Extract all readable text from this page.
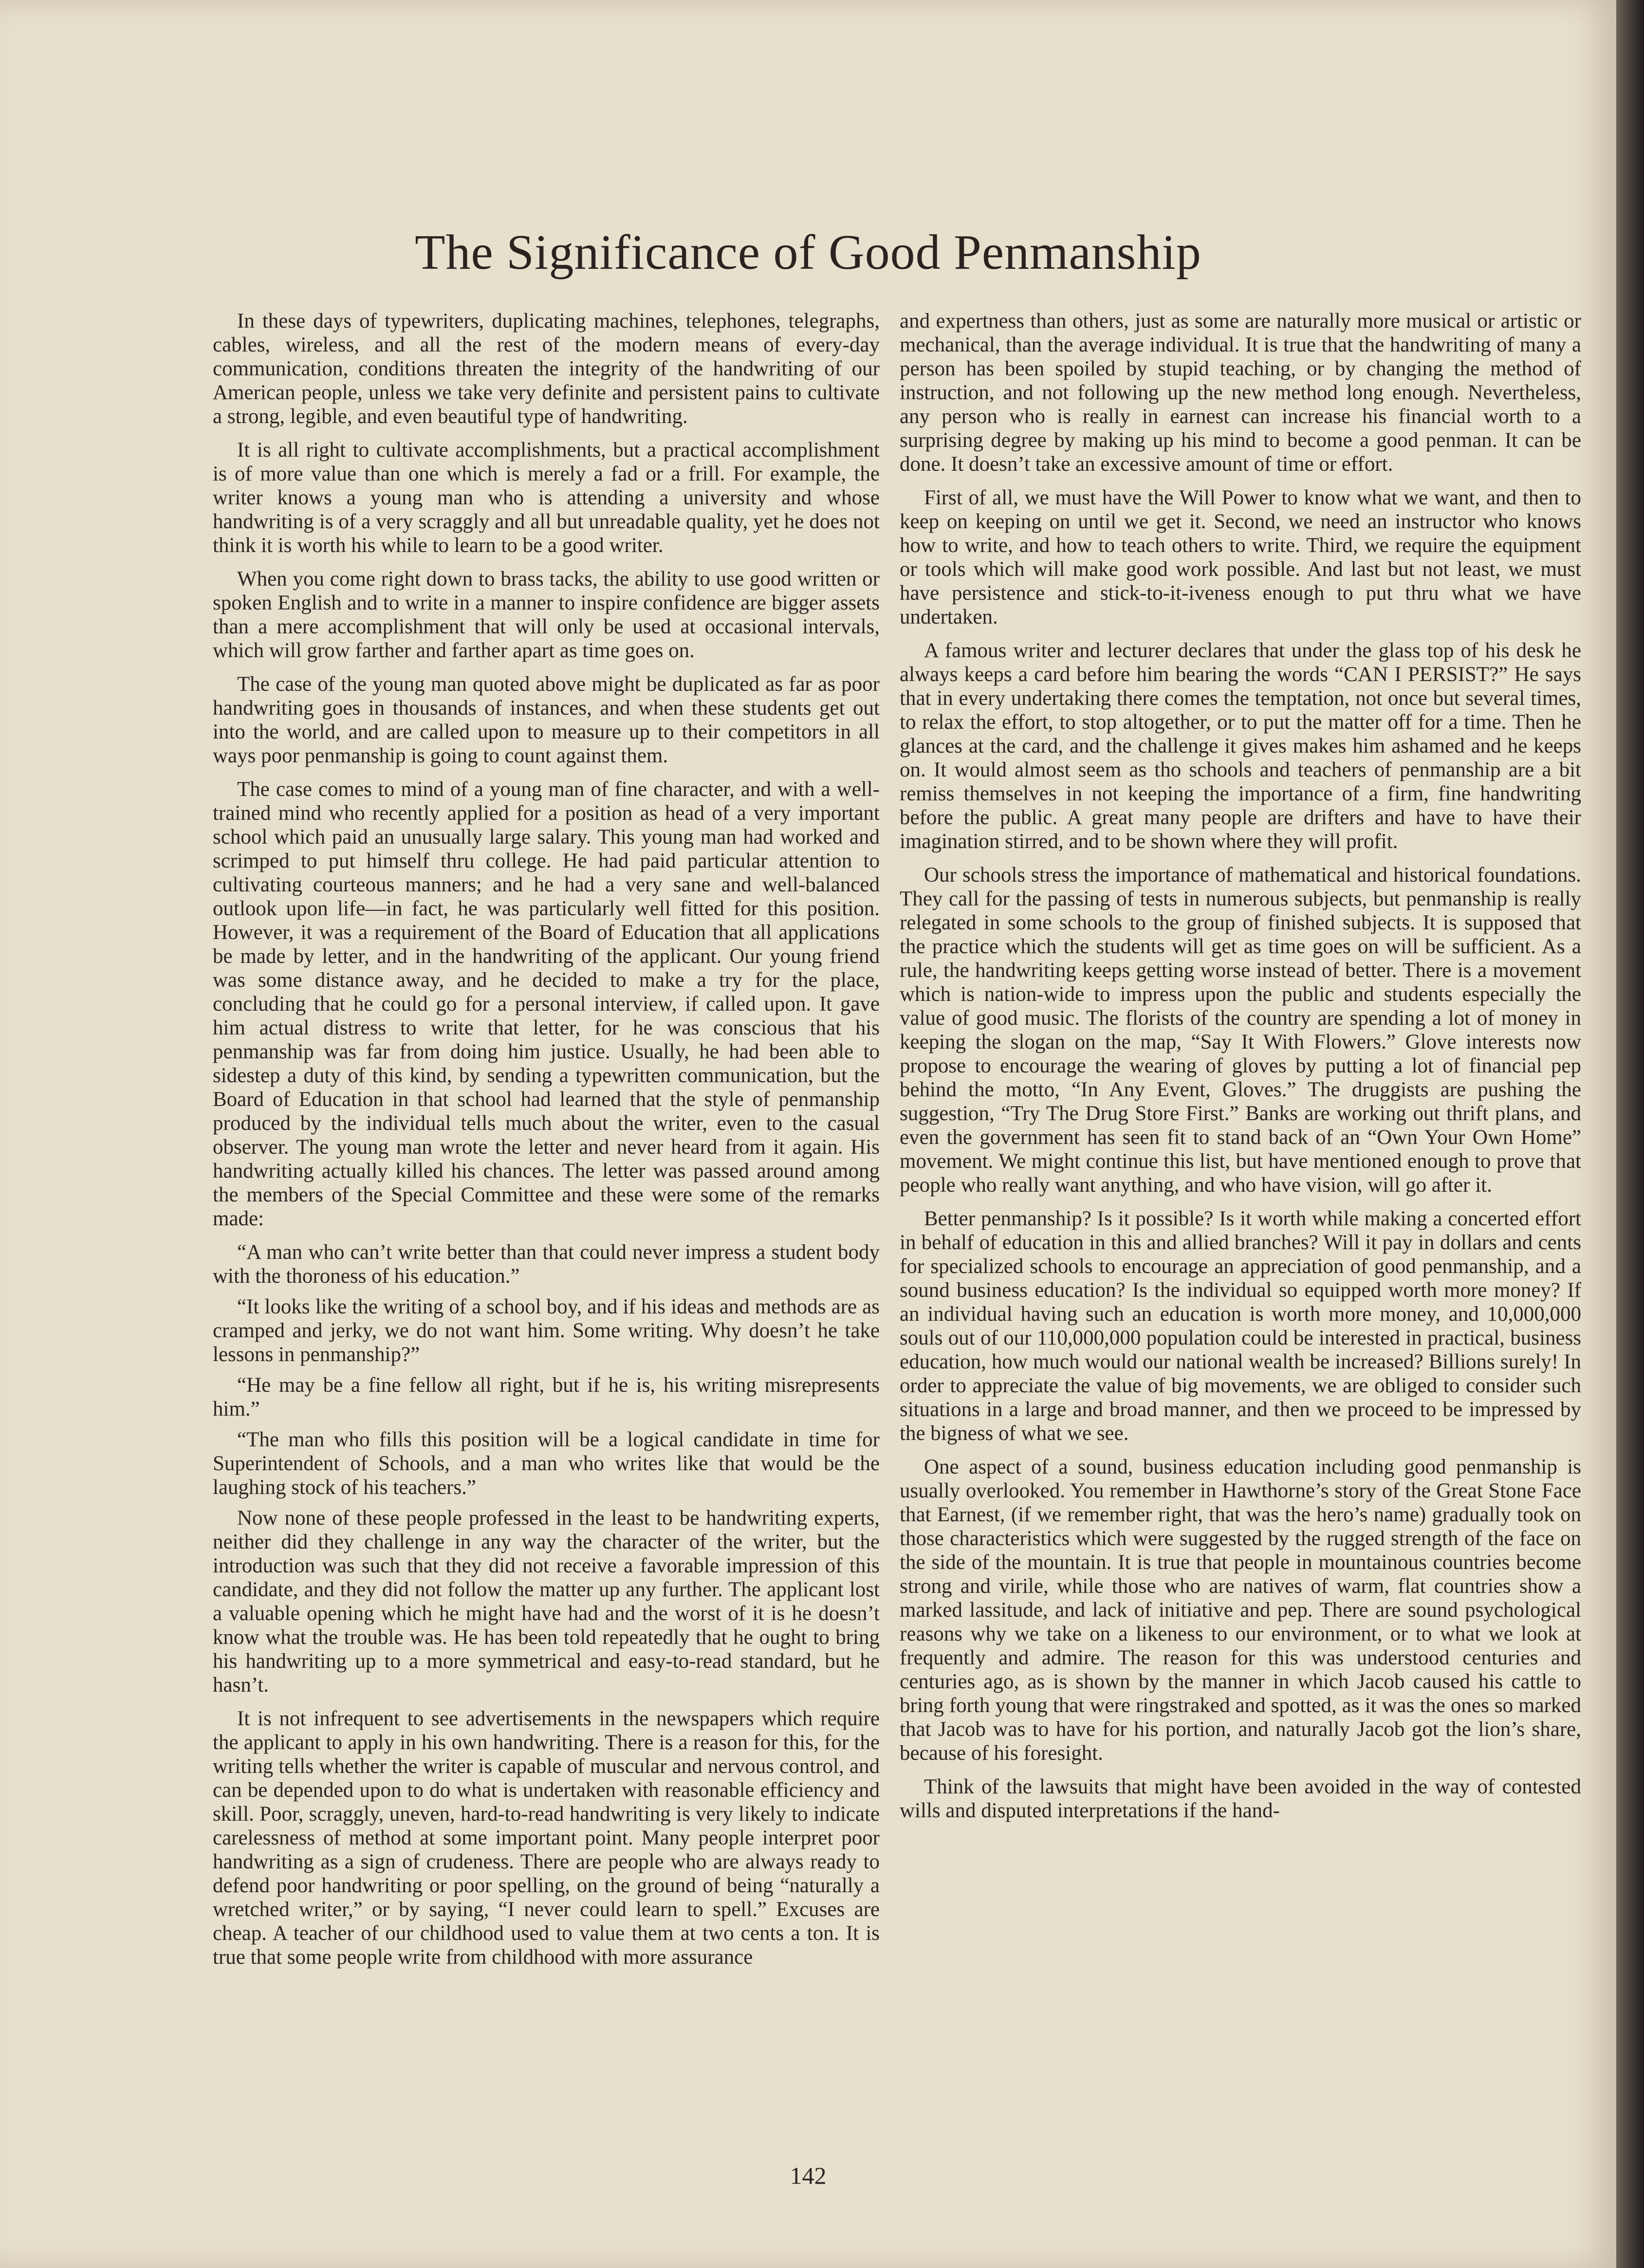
The Significance of Good Penmanship

In these days of typewriters, duplicating machines, telephones, telegraphs, cables, wireless, and all the rest of the modern means of every-day communication, conditions threaten the integrity of the handwriting of our American people, unless we take very definite and persistent pains to cultivate a strong, legible, and even beautiful type of handwriting.

It is all right to cultivate accomplishments, but a practical accomplishment is of more value than one which is merely a fad or a frill. For example, the writer knows a young man who is attending a university and whose handwriting is of a very scraggly and all but unreadable quality, yet he does not think it is worth his while to learn to be a good writer.

When you come right down to brass tacks, the ability to use good written or spoken English and to write in a manner to inspire confidence are bigger assets than a mere accomplishment that will only be used at occasional intervals, which will grow farther and farther apart as time goes on.

The case of the young man quoted above might be duplicated as far as poor handwriting goes in thousands of instances, and when these students get out into the world, and are called upon to measure up to their competitors in all ways poor penmanship is going to count against them.

The case comes to mind of a young man of fine character, and with a well-trained mind who recently applied for a position as head of a very important school which paid an unusually large salary. This young man had worked and scrimped to put himself thru college. He had paid particular attention to cultivating courteous manners; and he had a very sane and well-balanced outlook upon life—in fact, he was particularly well fitted for this position. However, it was a requirement of the Board of Education that all applications be made by letter, and in the handwriting of the applicant. Our young friend was some distance away, and he decided to make a try for the place, concluding that he could go for a personal interview, if called upon. It gave him actual distress to write that letter, for he was conscious that his penmanship was far from doing him justice. Usually, he had been able to sidestep a duty of this kind, by sending a typewritten communication, but the Board of Education in that school had learned that the style of penmanship produced by the individual tells much about the writer, even to the casual observer. The young man wrote the letter and never heard from it again. His handwriting actually killed his chances. The letter was passed around among the members of the Special Committee and these were some of the remarks made:

“A man who can’t write better than that could never impress a student body with the thoroness of his education.”

“It looks like the writing of a school boy, and if his ideas and methods are as cramped and jerky, we do not want him. Some writing. Why doesn’t he take lessons in penmanship?”

“He may be a fine fellow all right, but if he is, his writing misrepresents him.”

“The man who fills this position will be a logical candidate in time for Superintendent of Schools, and a man who writes like that would be the laughing stock of his teachers.”

Now none of these people professed in the least to be handwriting experts, neither did they challenge in any way the character of the writer, but the introduction was such that they did not receive a favorable impression of this candidate, and they did not follow the matter up any further. The applicant lost a valuable opening which he might have had and the worst of it is he doesn’t know what the trouble was. He has been told repeatedly that he ought to bring his handwriting up to a more symmetrical and easy-to-read standard, but he hasn’t.

It is not infrequent to see advertisements in the newspapers which require the applicant to apply in his own handwriting. There is a reason for this, for the writing tells whether the writer is capable of muscular and nervous control, and can be depended upon to do what is undertaken with reasonable efficiency and skill. Poor, scraggly, uneven, hard-to-read handwriting is very likely to indicate carelessness of method at some important point. Many people interpret poor handwriting as a sign of crudeness. There are people who are always ready to defend poor handwriting or poor spelling, on the ground of being “naturally a wretched writer,” or by saying, “I never could learn to spell.” Excuses are cheap. A teacher of our childhood used to value them at two cents a ton. It is true that some people write from childhood with more assurance

and expertness than others, just as some are naturally more musical or artistic or mechanical, than the average individual. It is true that the handwriting of many a person has been spoiled by stupid teaching, or by changing the method of instruction, and not following up the new method long enough. Nevertheless, any person who is really in earnest can increase his financial worth to a surprising degree by making up his mind to become a good penman. It can be done. It doesn’t take an excessive amount of time or effort.

First of all, we must have the Will Power to know what we want, and then to keep on keeping on until we get it. Second, we need an instructor who knows how to write, and how to teach others to write. Third, we require the equipment or tools which will make good work possible. And last but not least, we must have persistence and stick-to-it-iveness enough to put thru what we have undertaken.

A famous writer and lecturer declares that under the glass top of his desk he always keeps a card before him bearing the words “CAN I PERSIST?” He says that in every undertaking there comes the temptation, not once but several times, to relax the effort, to stop altogether, or to put the matter off for a time. Then he glances at the card, and the challenge it gives makes him ashamed and he keeps on. It would almost seem as tho schools and teachers of penmanship are a bit remiss themselves in not keeping the importance of a firm, fine handwriting before the public. A great many people are drifters and have to have their imagination stirred, and to be shown where they will profit.

Our schools stress the importance of mathematical and historical foundations. They call for the passing of tests in numerous subjects, but penmanship is really relegated in some schools to the group of finished subjects. It is supposed that the practice which the students will get as time goes on will be sufficient. As a rule, the handwriting keeps getting worse instead of better. There is a movement which is nation-wide to impress upon the public and students especially the value of good music. The florists of the country are spending a lot of money in keeping the slogan on the map, “Say It With Flowers.” Glove interests now propose to encourage the wearing of gloves by putting a lot of financial pep behind the motto, “In Any Event, Gloves.” The druggists are pushing the suggestion, “Try The Drug Store First.” Banks are working out thrift plans, and even the government has seen fit to stand back of an “Own Your Own Home” movement. We might continue this list, but have mentioned enough to prove that people who really want anything, and who have vision, will go after it.

Better penmanship? Is it possible? Is it worth while making a concerted effort in behalf of education in this and allied branches? Will it pay in dollars and cents for specialized schools to encourage an appreciation of good penmanship, and a sound business education? Is the individual so equipped worth more money? If an individual having such an education is worth more money, and 10,000,000 souls out of our 110,000,000 population could be interested in practical, business education, how much would our national wealth be increased? Billions surely! In order to appreciate the value of big movements, we are obliged to consider such situations in a large and broad manner, and then we proceed to be impressed by the bigness of what we see.

One aspect of a sound, business education including good penmanship is usually overlooked. You remember in Hawthorne’s story of the Great Stone Face that Earnest, (if we remember right, that was the hero’s name) gradually took on those characteristics which were suggested by the rugged strength of the face on the side of the mountain. It is true that people in mountainous countries become strong and virile, while those who are natives of warm, flat countries show a marked lassitude, and lack of initiative and pep. There are sound psychological reasons why we take on a likeness to our environment, or to what we look at frequently and admire. The reason for this was understood centuries and centuries ago, as is shown by the manner in which Jacob caused his cattle to bring forth young that were ringstraked and spotted, as it was the ones so marked that Jacob was to have for his portion, and naturally Jacob got the lion’s share, because of his foresight.

Think of the lawsuits that might have been avoided in the way of contested wills and disputed interpretations if the hand-

142
